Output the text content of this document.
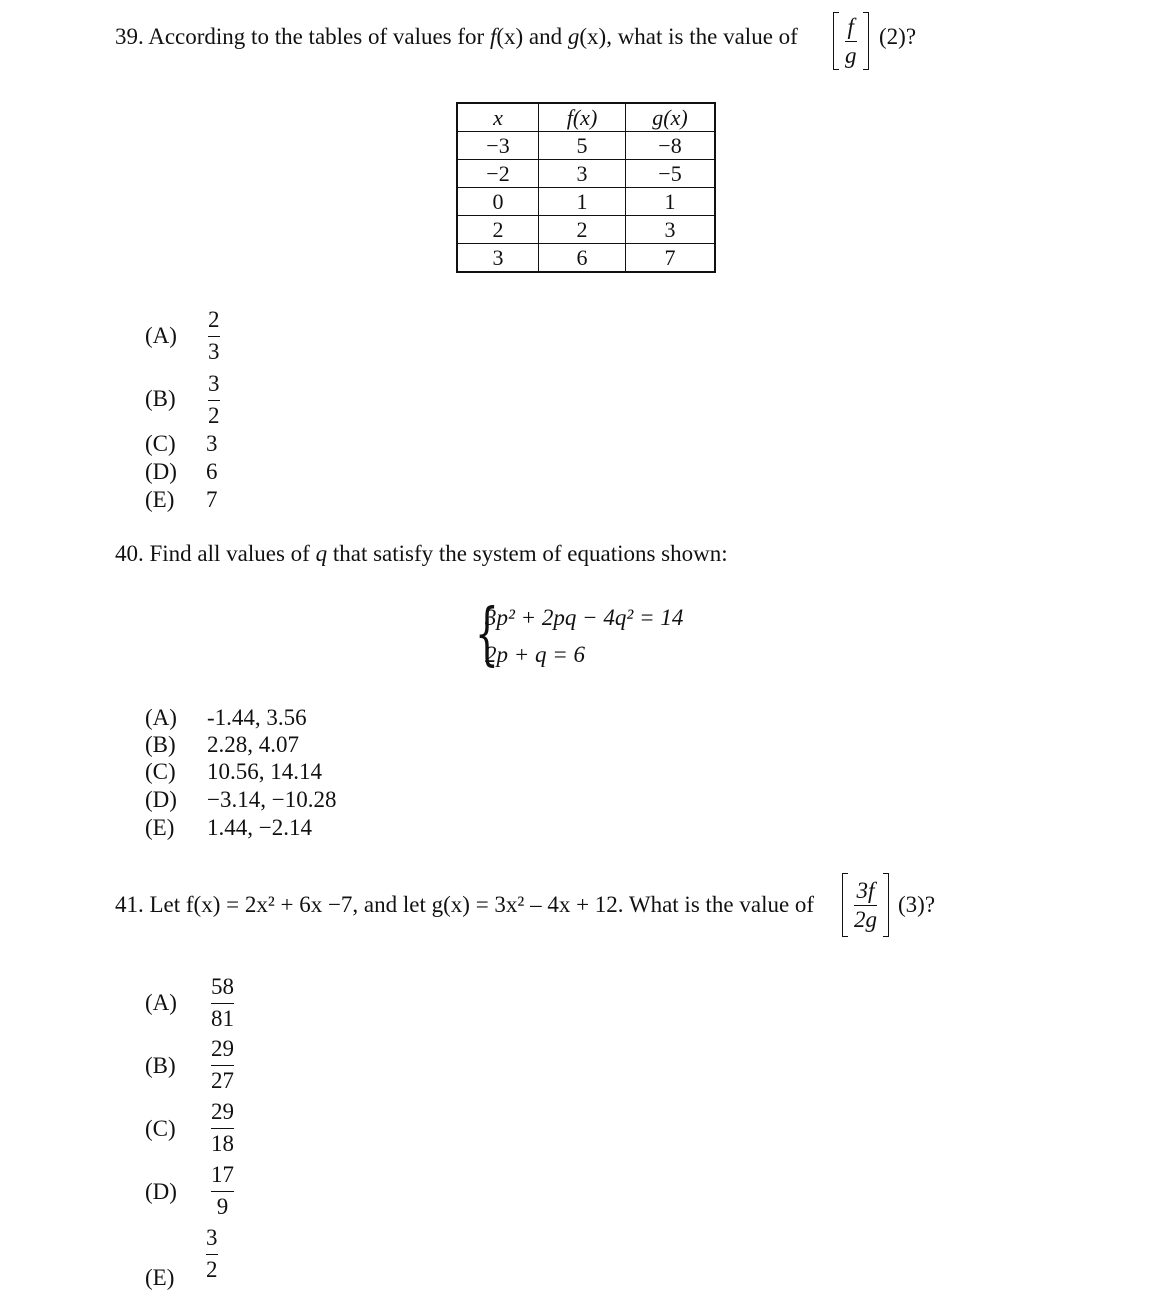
39. According to the tables of values for f(x) and g(x), what is the value of f
g
(2)?
x	f(x)	g(x)
−3	5	−8
−2	3	−5
0	1	1
2	2	3
3	6	7
(A)
2
3
(B)
3
2
(C)	3
(D)	6
(E)	7
40. Find all values of q that satisfy the system of equations shown:
{
3p² + 2pq − 4q² = 14
2p + q = 6
(A)	-1.44, 3.56
(B)	2.28, 4.07
(C)	10.56, 14.14
(D)	−3.14, −10.28
(E)	1.44, −2.14
41. Let f(x) = 2x² + 6x −7, and let g(x) = 3x² – 4x + 12. What is the value of
3f
2g
(3)?
(A)
58
81
(B)
29
27
(C)
29
18
(D)
17
9
(E)
3
2
